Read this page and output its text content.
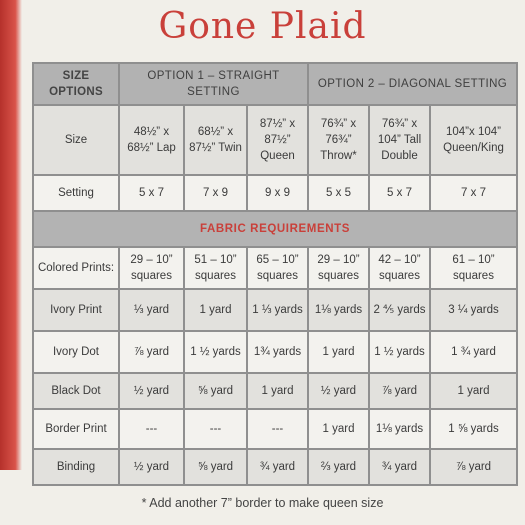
Gone Plaid
SIZE OPTIONS	OPTION 1 – STRAIGHT SETTING			OPTION 2 – DIAGONAL SETTING		
Size	48½” x 68½” Lap	68½” x 87½” Twin	87½” x 87½” Queen	76¾” x 76¾” Throw*	76¾” x 104” Tall Double	104”x 104” Queen/King
Setting	5 x 7	7 x 9	9 x 9	5 x 5	5 x 7	7 x 7
FABRIC REQUIREMENTS						
Colored Prints:	29 – 10” squares	51 – 10” squares	65 – 10” squares	29 – 10” squares	42 – 10” squares	61 – 10” squares
Ivory Print	⅓ yard	1 yard	1 ⅓ yards	1⅛ yards	2 ⅘ yards	3 ¼ yards
Ivory Dot	⅞ yard	1 ½ yards	1¾ yards	1 yard	1 ½ yards	1 ¾ yard
Black Dot	½ yard	⅝ yard	1 yard	½ yard	⅞ yard	1 yard
Border Print	---	---	---	1 yard	1⅛ yards	1 ⅝ yards
Binding	½ yard	⅝ yard	¾ yard	⅔ yard	¾ yard	⅞ yard
* Add another 7” border to make queen size
